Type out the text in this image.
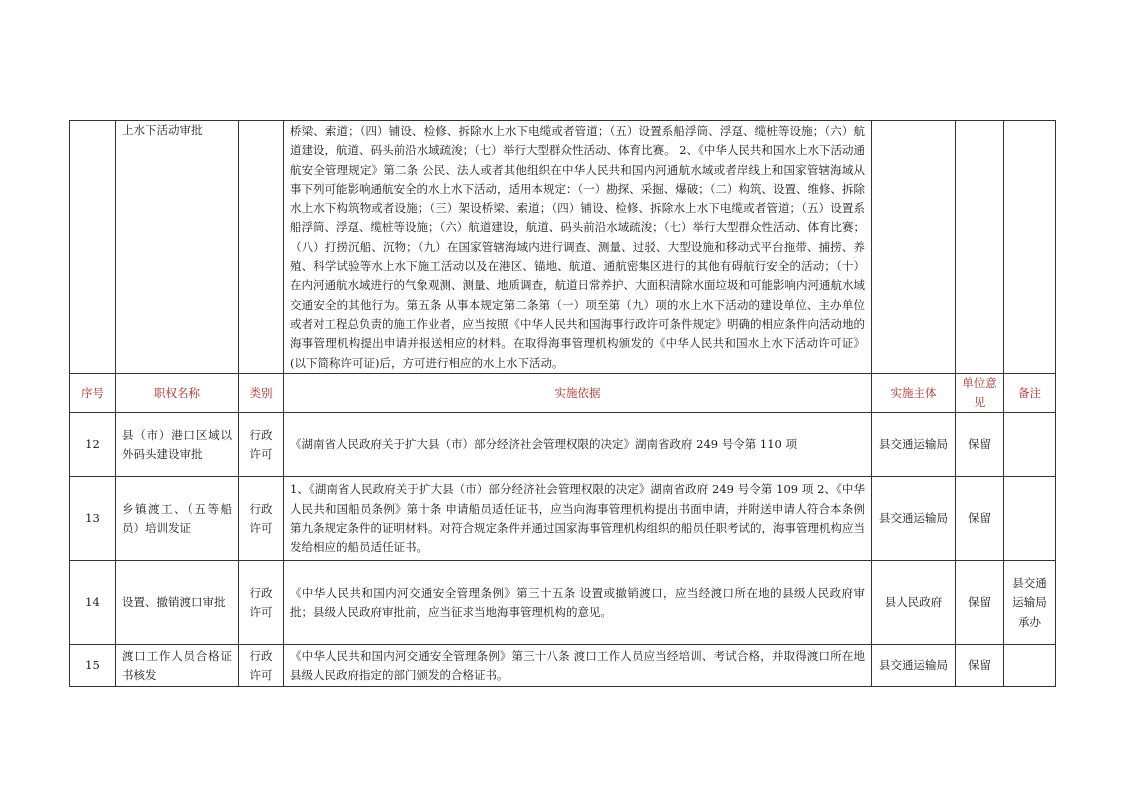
	上水下活动审批		桥梁、索道；（四）铺设、检修、拆除水上水下电缆或者管道；（五）设置系船浮筒、浮趸、缆桩等设施；（六）航道建设，航道、码头前沿水域疏浚；（七）举行大型群众性活动、体育比赛。 2、《中华人民共和国水上水下活动通航安全管理规定》第二条 公民、法人或者其他组织在中华人民共和国内河通航水域或者岸线上和国家管辖海域从事下列可能影响通航安全的水上水下活动，适用本规定：（一）勘探、采掘、爆破；（二）构筑、设置、维修、拆除水上水下构筑物或者设施；（三）架设桥梁、索道；（四）铺设、检修、拆除水上水下电缆或者管道；（五）设置系船浮筒、浮趸、缆桩等设施；（六）航道建设，航道、码头前沿水域疏浚；（七）举行大型群众性活动、体育比赛；（八）打捞沉船、沉物；（九）在国家管辖海域内进行调查、测量、过驳、大型设施和移动式平台拖带、捕捞、养殖、科学试验等水上水下施工活动以及在港区、锚地、航道、通航密集区进行的其他有碍航行安全的活动；（十）在内河通航水域进行的气象观测、测量、地质调查，航道日常养护、大面积清除水面垃圾和可能影响内河通航水域交通安全的其他行为。第五条 从事本规定第二条第（一）项至第（九）项的水上水下活动的建设单位、主办单位或者对工程总负责的施工作业者，应当按照《中华人民共和国海事行政许可条件规定》明确的相应条件向活动地的海事管理机构提出申请并报送相应的材料。在取得海事管理机构颁发的《中华人民共和国水上水下活动许可证》(以下简称许可证)后，方可进行相应的水上水下活动。			
序号	职权名称	类别	实施依据	实施主体	单位意见	备注
12	县（市）港口区域以外码头建设审批	行政许可	《湖南省人民政府关于扩大县（市）部分经济社会管理权限的决定》湖南省政府 249 号令第 110 项	县交通运输局	保留	
13	乡镇渡工、（五等船员）培训发证	行政许可	1、《湖南省人民政府关于扩大县（市）部分经济社会管理权限的决定》湖南省政府 249 号令第 109 项 2、《中华人民共和国船员条例》第十条 申请船员适任证书，应当向海事管理机构提出书面申请，并附送申请人符合本条例第九条规定条件的证明材料。对符合规定条件并通过国家海事管理机构组织的船员任职考试的，海事管理机构应当发给相应的船员适任证书。	县交通运输局	保留	
14	设置、撤销渡口审批	行政许可	《中华人民共和国内河交通安全管理条例》第三十五条 设置或撤销渡口，应当经渡口所在地的县级人民政府审批；县级人民政府审批前，应当征求当地海事管理机构的意见。	县人民政府	保留	县交通运输局承办
15	渡口工作人员合格证书核发	行政许可	《中华人民共和国内河交通安全管理条例》第三十八条 渡口工作人员应当经培训、考试合格，并取得渡口所在地县级人民政府指定的部门颁发的合格证书。	县交通运输局	保留	
